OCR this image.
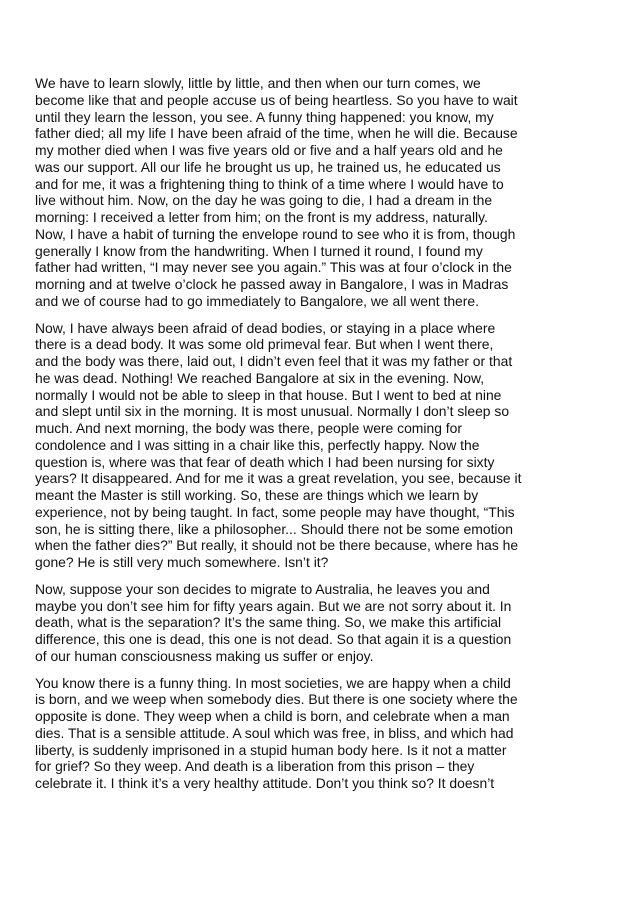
We have to learn slowly, little by little, and then when our turn comes, we
become like that and people accuse us of being heartless. So you have to wait
until they learn the lesson, you see. A funny thing happened: you know, my
father died; all my life I have been afraid of the time, when he will die. Because
my mother died when I was five years old or five and a half years old and he
was our support. All our life he brought us up, he trained us, he educated us
and for me, it was a frightening thing to think of a time where I would have to
live without him. Now, on the day he was going to die, I had a dream in the
morning: I received a letter from him; on the front is my address, naturally.
Now, I have a habit of turning the envelope round to see who it is from, though
generally I know from the handwriting. When I turned it round, I found my
father had written, “I may never see you again.” This was at four o’clock in the
morning and at twelve o’clock he passed away in Bangalore, I was in Madras
and we of course had to go immediately to Bangalore, we all went there.
Now, I have always been afraid of dead bodies, or staying in a place where
there is a dead body. It was some old primeval fear. But when I went there,
and the body was there, laid out, I didn’t even feel that it was my father or that
he was dead. Nothing! We reached Bangalore at six in the evening. Now,
normally I would not be able to sleep in that house. But I went to bed at nine
and slept until six in the morning. It is most unusual. Normally I don’t sleep so
much. And next morning, the body was there, people were coming for
condolence and I was sitting in a chair like this, perfectly happy. Now the
question is, where was that fear of death which I had been nursing for sixty
years? It disappeared. And for me it was a great revelation, you see, because it
meant the Master is still working. So, these are things which we learn by
experience, not by being taught. In fact, some people may have thought, “This
son, he is sitting there, like a philosopher... Should there not be some emotion
when the father dies?” But really, it should not be there because, where has he
gone? He is still very much somewhere. Isn’t it?
Now, suppose your son decides to migrate to Australia, he leaves you and
maybe you don’t see him for fifty years again. But we are not sorry about it. In
death, what is the separation? It’s the same thing. So, we make this artificial
difference, this one is dead, this one is not dead. So that again it is a question
of our human consciousness making us suffer or enjoy.
You know there is a funny thing. In most societies, we are happy when a child
is born, and we weep when somebody dies. But there is one society where the
opposite is done. They weep when a child is born, and celebrate when a man
dies. That is a sensible attitude. A soul which was free, in bliss, and which had
liberty, is suddenly imprisoned in a stupid human body here. Is it not a matter
for grief? So they weep. And death is a liberation from this prison – they
celebrate it. I think it’s a very healthy attitude. Don’t you think so? It doesn’t
